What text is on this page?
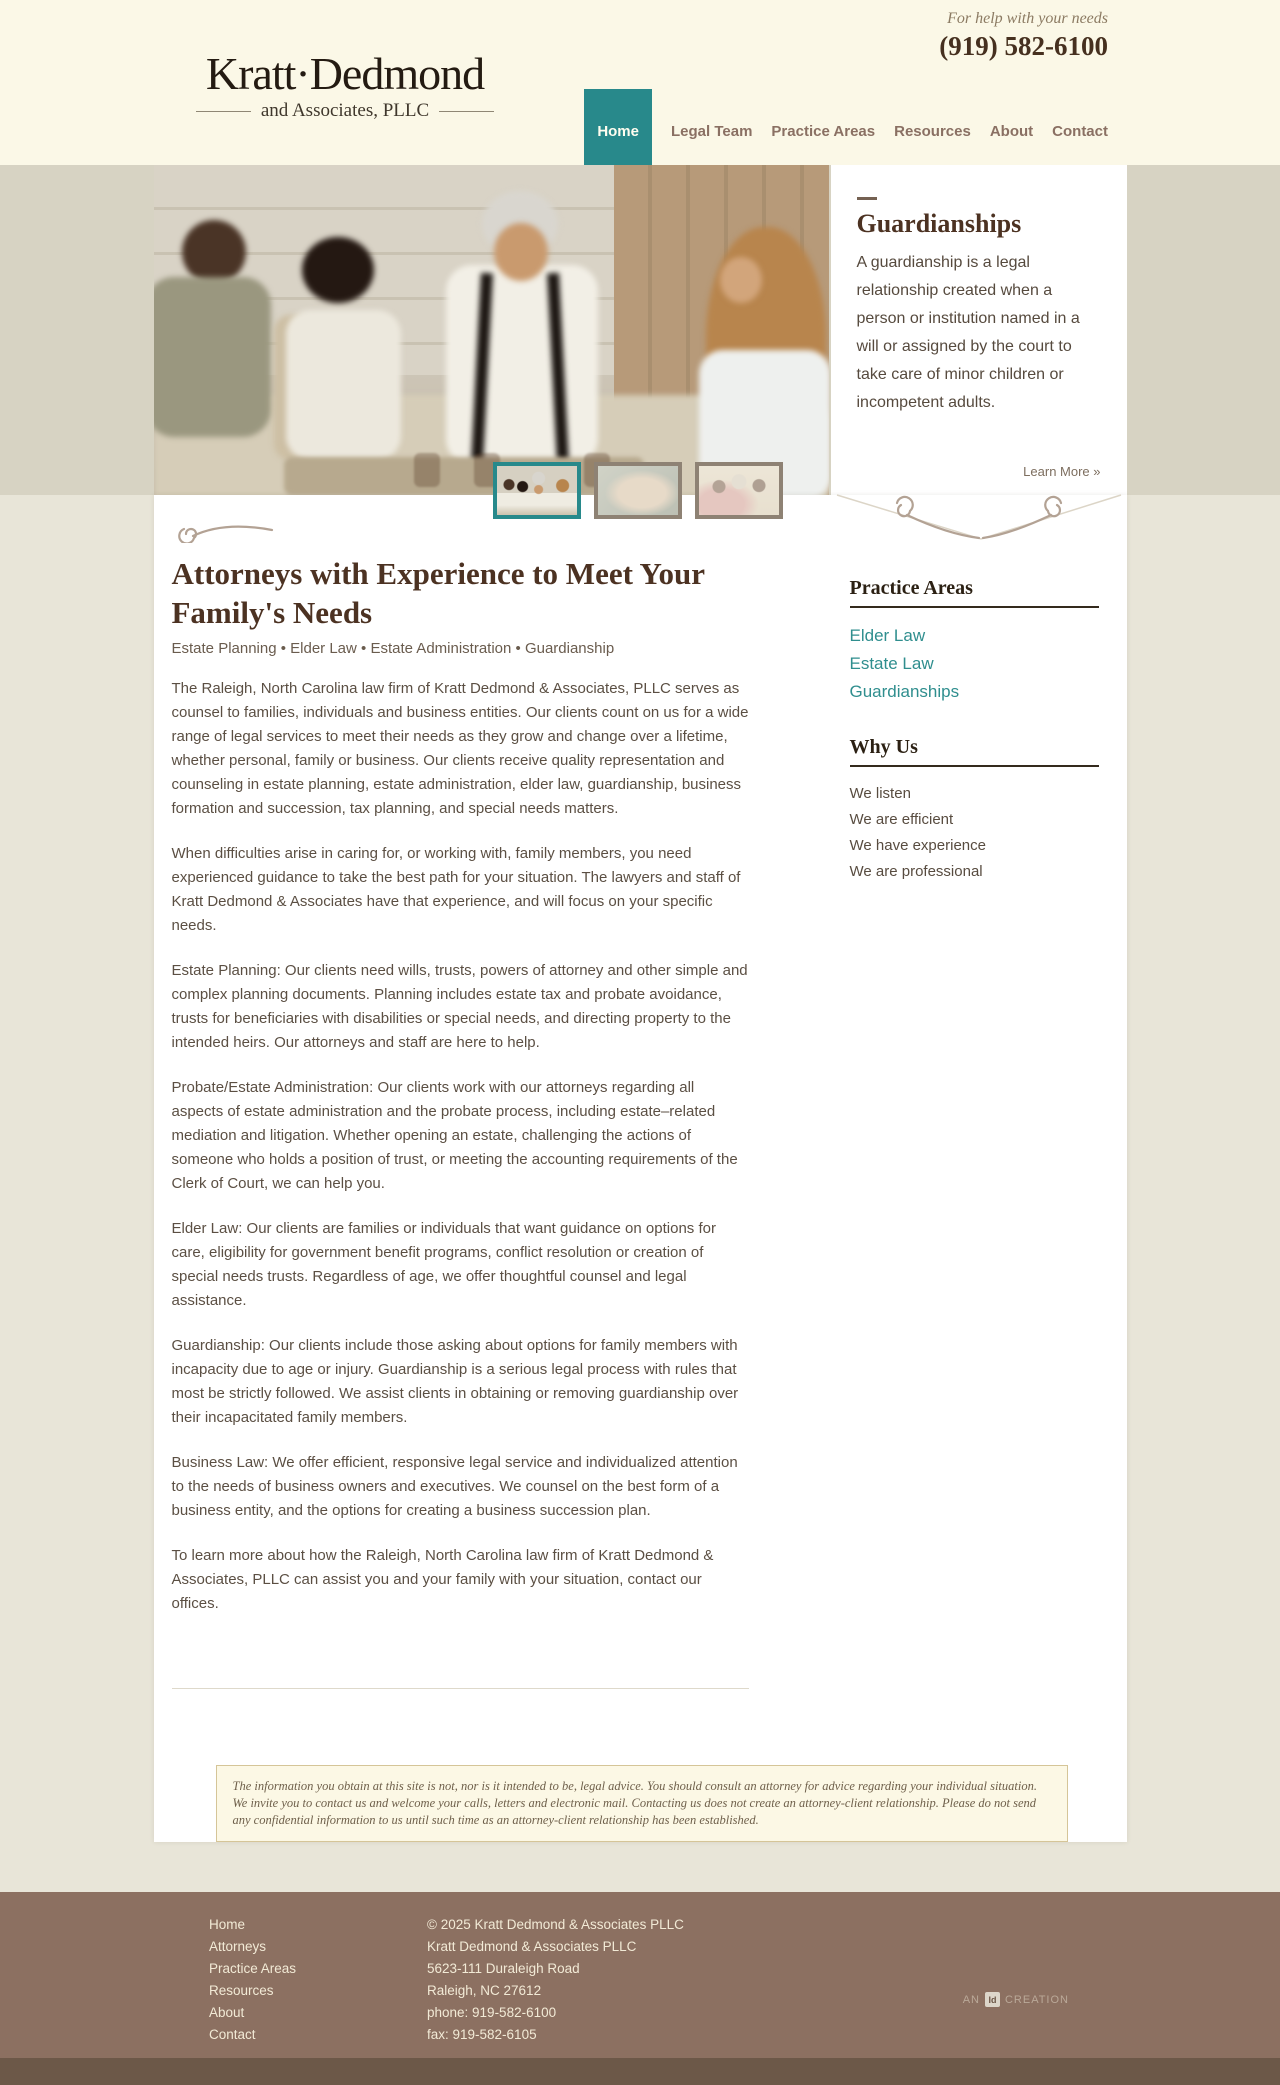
Kratt·Dedmond
and Associates, PLLC
For help with your needs
(919) 582-6100
Home	Legal Team Practice Areas Resources About Contact
Guardianships

A guardianship is a legal relationship created when a person or institution named in a will or assigned by the court to take care of minor children or incompetent adults.

Learn More »
Attorneys with Experience to Meet Your Family's Needs
Estate Planning • Elder Law • Estate Administration • Guardianship

The Raleigh, North Carolina law firm of Kratt Dedmond & Associates, PLLC serves as counsel to families, individuals and business entities. Our clients count on us for a wide range of legal services to meet their needs as they grow and change over a lifetime, whether personal, family or business. Our clients receive quality representation and counseling in estate planning, estate administration, elder law, guardianship, business formation and succession, tax planning, and special needs matters.

When difficulties arise in caring for, or working with, family members, you need experienced guidance to take the best path for your situation. The lawyers and staff of Kratt Dedmond & Associates have that experience, and will focus on your specific needs.

Estate Planning: Our clients need wills, trusts, powers of attorney and other simple and complex planning documents. Planning includes estate tax and probate avoidance, trusts for beneficiaries with disabilities or special needs, and directing property to the intended heirs. Our attorneys and staff are here to help.

Probate/Estate Administration: Our clients work with our attorneys regarding all aspects of estate administration and the probate process, including estate–related mediation and litigation. Whether opening an estate, challenging the actions of someone who holds a position of trust, or meeting the accounting requirements of the Clerk of Court, we can help you.

Elder Law: Our clients are families or individuals that want guidance on options for care, eligibility for government benefit programs, conflict resolution or creation of special needs trusts. Regardless of age, we offer thoughtful counsel and legal assistance.

Guardianship: Our clients include those asking about options for family members with incapacity due to age or injury. Guardianship is a serious legal process with rules that most be strictly followed. We assist clients in obtaining or removing guardianship over their incapacitated family members.

Business Law: We offer efficient, responsive legal service and individualized attention to the needs of business owners and executives. We counsel on the best form of a business entity, and the options for creating a business succession plan.

To learn more about how the Raleigh, North Carolina law firm of Kratt Dedmond & Associates, PLLC can assist you and your family with your situation, contact our offices.

Practice Areas
Elder Law
Estate Law
Guardianships
Why Us
We listen
We are efficient
We have experience
We are professional
The information you obtain at this site is not, nor is it intended to be, legal advice. You should consult an attorney for advice regarding your individual situation. We invite you to contact us and welcome your calls, letters and electronic mail. Contacting us does not create an attorney-client relationship. Please do not send any confidential information to us until such time as an attorney-client relationship has been established.
Home
Attorneys
Practice Areas
Resources
About
Contact
© 2025 Kratt Dedmond & Associates PLLC
Kratt Dedmond & Associates PLLC
5623-111 Duraleigh Road
Raleigh, NC 27612
phone: 919-582-6100
fax: 919-582-6105
AN Id CREATION
